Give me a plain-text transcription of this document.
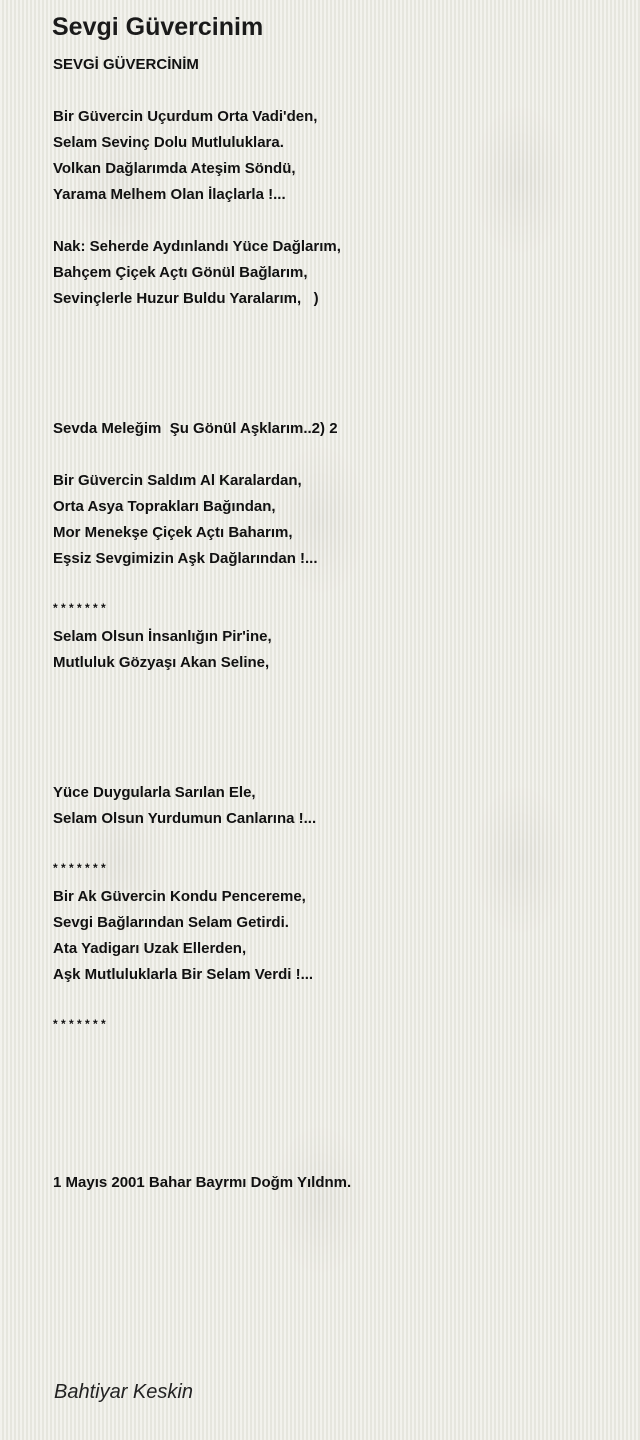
Sevgi Güvercinim
SEVGİ GÜVERCİNİM
Bir Güvercin Uçurdum Orta Vadi'den,
Selam Sevinç Dolu Mutluluklara.
Volkan Dağlarımda Ateşim Söndü,
Yarama Melhem Olan İlaçlarla !...
Nak: Seherde Aydınlandı Yüce Dağlarım,
Bahçem Çiçek Açtı Gönül Bağlarım,
Sevinçlerle Huzur Buldu Yaralarım,   )
Sevda Meleğim  Şu Gönül Aşklarım..2) 2
Bir Güvercin Saldım Al Karalardan,
Orta Asya Toprakları Bağından,
Mor Menekşe Çiçek Açtı Baharım,
Eşsiz Sevgimizin Aşk Dağlarından !...
* * * * * * *
Selam Olsun İnsanlığın Pir'ine,
Mutluluk Gözyaşı Akan Seline,
Yüce Duygularla Sarılan Ele,
Selam Olsun Yurdumun Canlarına !...
* * * * * * *
Bir Ak Güvercin Kondu Pencereme,
Sevgi Bağlarından Selam Getirdi.
Ata Yadigarı Uzak Ellerden,
Aşk Mutluluklarla Bir Selam Verdi !...
* * * * * * *
1 Mayıs 2001 Bahar Bayrmı Doğm Yıldnm.
Bahtiyar Keskin
